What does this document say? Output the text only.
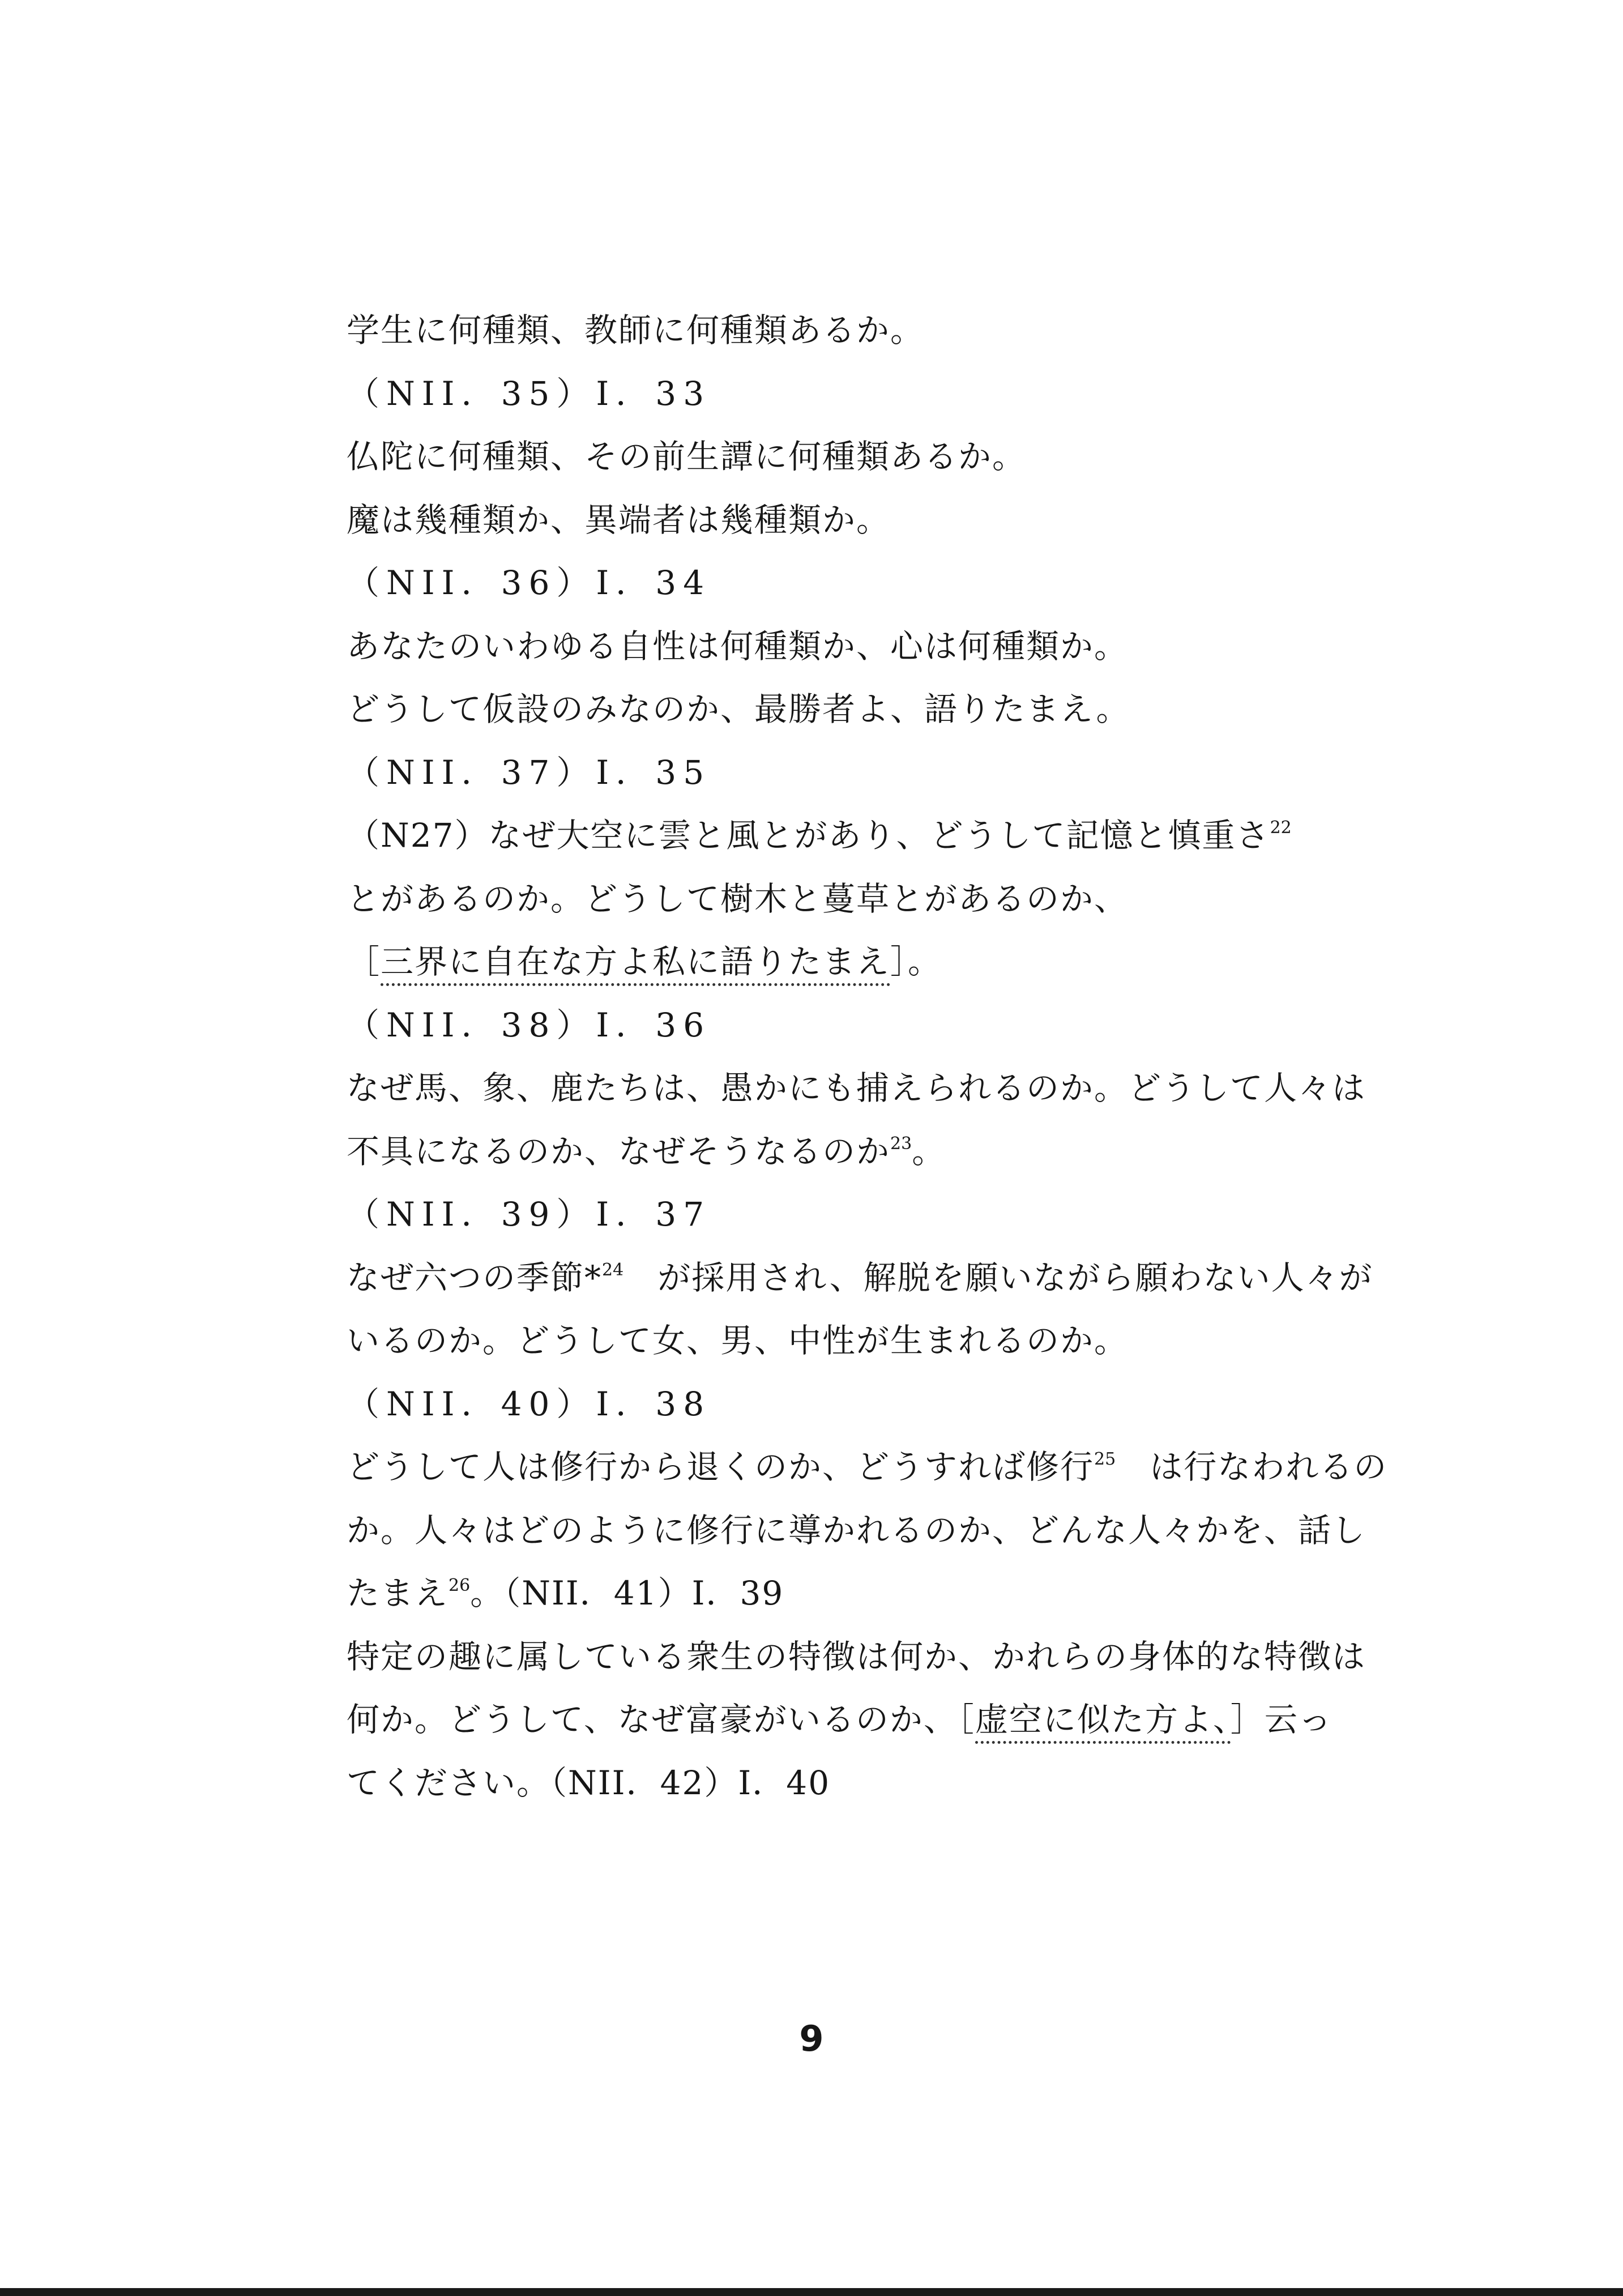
学生に何種類、教師に何種類あるか。
（NII．35）I．33
仏陀に何種類、その前生譚に何種類あるか。
魔は幾種類か、異端者は幾種類か。
（NII．36）I．34
あなたのいわゆる自性は何種類か、心は何種類か。
どうして仮設のみなのか、最勝者よ、語りたまえ。
（NII．37）I．35
（N27）なぜ大空に雲と風とがあり、どうして記憶と慎重さ$^{22}$
とがあるのか。どうして樹木と蔓草とがあるのか、
［三界に自在な方よ私に語りたまえ］。
（NII．38）I．36
なぜ馬、象、鹿たちは、愚かにも捕えられるのか。どうして人々は
不具になるのか、なぜそうなるのか$^{23}$。
（NII．39）I．37
なぜ六つの季節*$^{24}$　が採用され、解脱を願いながら願わない人々が
いるのか。どうして女、男、中性が生まれるのか。
（NII．40）I．38
どうして人は修行から退くのか、どうすれば修行$^{25}$　は行なわれるの
か。人々はどのように修行に導かれるのか、どんな人々かを、話し
たまえ$^{26}$。（NII．41）I．39
特定の趣に属している衆生の特徴は何か、かれらの身体的な特徴は
何か。どうして、なぜ富豪がいるのか、［虚空に似た方よ、］云っ
てください。（NII．42）I．40
9
